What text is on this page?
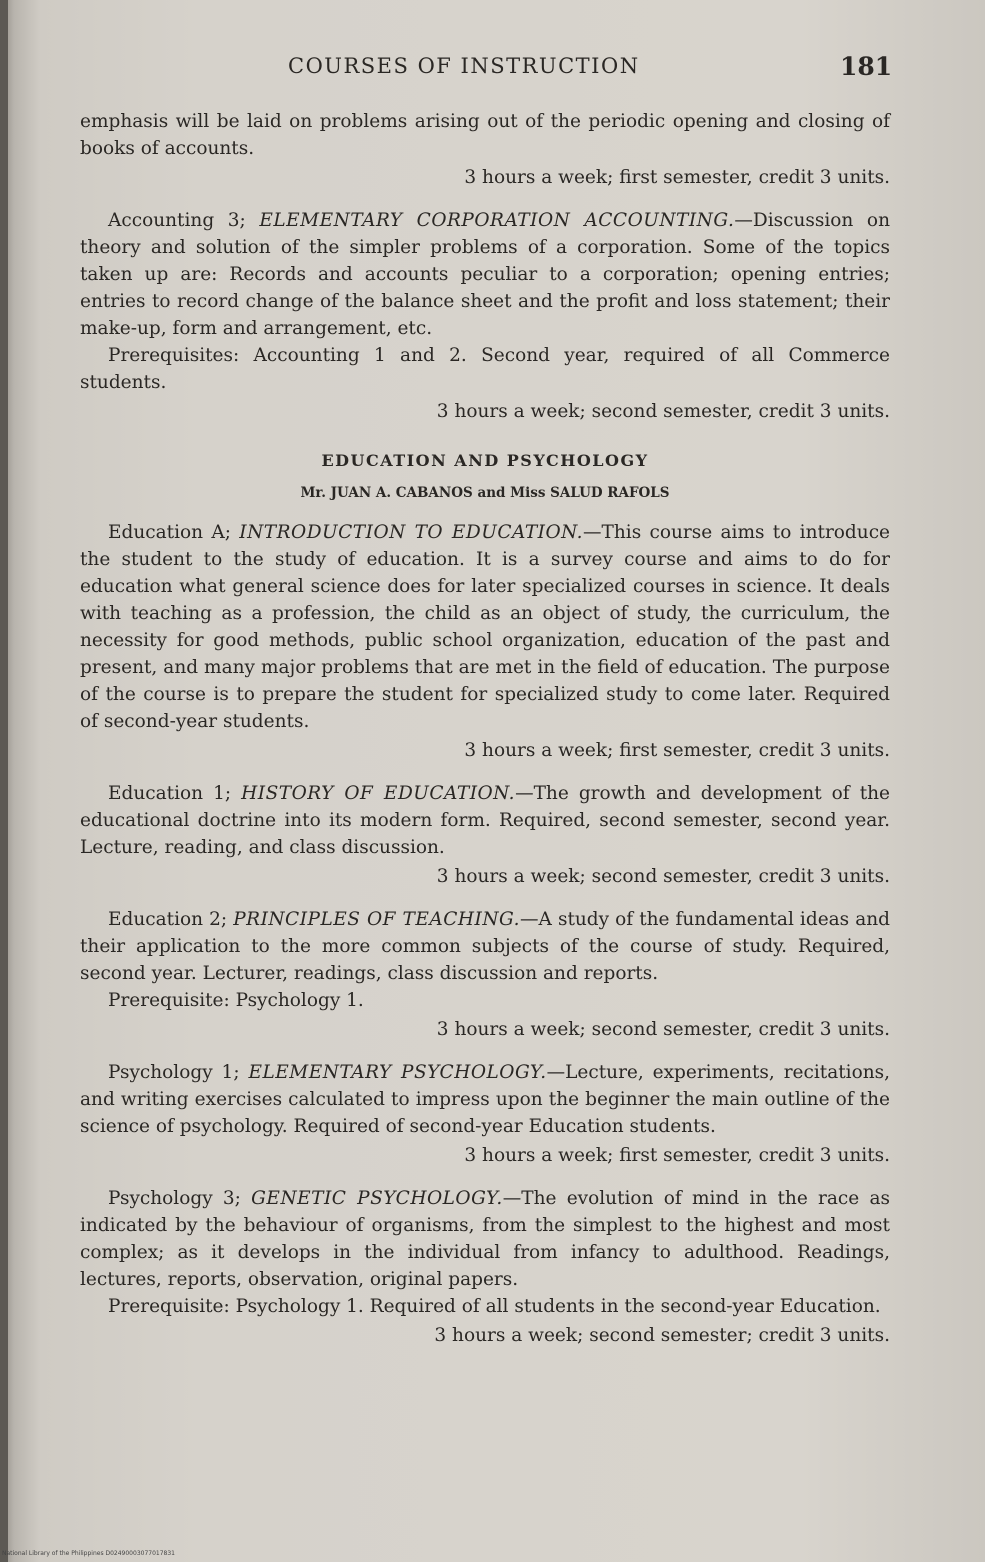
COURSES OF INSTRUCTION	181

emphasis will be laid on problems arising out of the periodic opening and closing of books of accounts.

3 hours a week; first semester, credit 3 units.

Accounting 3; ELEMENTARY CORPORATION ACCOUNTING.—Discussion on theory and solution of the simpler problems of a corporation. Some of the topics taken up are: Records and accounts peculiar to a corporation; opening entries; entries to record change of the balance sheet and the profit and loss statement; their make-up, form and arrangement, etc.

Prerequisites: Accounting 1 and 2. Second year, required of all Commerce students.

3 hours a week; second semester, credit 3 units.

EDUCATION AND PSYCHOLOGY
Mr. JUAN A. CABANOS and Miss SALUD RAFOLS

Education A; INTRODUCTION TO EDUCATION.—This course aims to introduce the student to the study of education. It is a survey course and aims to do for education what general science does for later specialized courses in science. It deals with teaching as a profession, the child as an object of study, the curriculum, the necessity for good methods, public school organization, education of the past and present, and many major problems that are met in the field of education. The purpose of the course is to prepare the student for specialized study to come later. Required of second-year students.

3 hours a week; first semester, credit 3 units.

Education 1; HISTORY OF EDUCATION.—The growth and development of the educational doctrine into its modern form. Required, second semester, second year. Lecture, reading, and class discussion.

3 hours a week; second semester, credit 3 units.

Education 2; PRINCIPLES OF TEACHING.—A study of the fundamental ideas and their application to the more common subjects of the course of study. Required, second year. Lecturer, readings, class discussion and reports.

Prerequisite: Psychology 1.

3 hours a week; second semester, credit 3 units.

Psychology 1; ELEMENTARY PSYCHOLOGY.—Lecture, experiments, recitations, and writing exercises calculated to impress upon the beginner the main outline of the science of psychology. Required of second-year Education students.

3 hours a week; first semester, credit 3 units.

Psychology 3; GENETIC PSYCHOLOGY.—The evolution of mind in the race as indicated by the behaviour of organisms, from the simplest to the highest and most complex; as it develops in the individual from infancy to adulthood. Readings, lectures, reports, observation, original papers.

Prerequisite: Psychology 1. Required of all students in the second-year Education.

3 hours a week; second semester; credit 3 units.

National Library of the Philippines D02490003077017831
